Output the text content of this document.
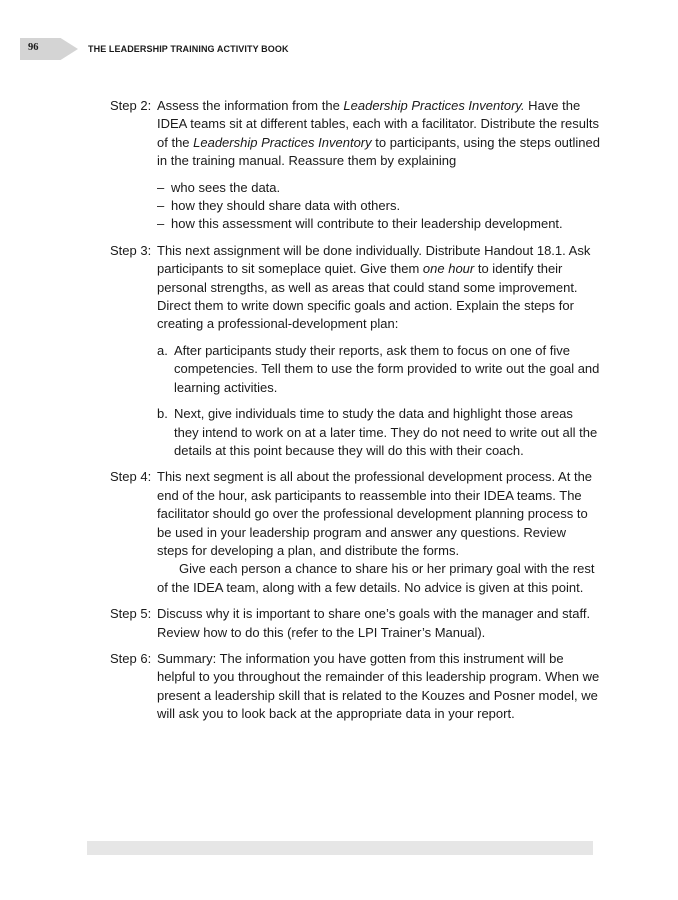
96	THE LEADERSHIP TRAINING ACTIVITY BOOK
Step 2: Assess the information from the Leadership Practices Inventory. Have the IDEA teams sit at different tables, each with a facilitator. Distribute the results of the Leadership Practices Inventory to participants, using the steps outlined in the training manual. Reassure them by explaining
– who sees the data.
– how they should share data with others.
– how this assessment will contribute to their leadership development.
Step 3: This next assignment will be done individually. Distribute Handout 18.1. Ask participants to sit someplace quiet. Give them one hour to identify their personal strengths, as well as areas that could stand some improvement. Direct them to write down specific goals and action. Explain the steps for creating a professional-development plan:
a. After participants study their reports, ask them to focus on one of five competencies. Tell them to use the form provided to write out the goal and learning activities.
b. Next, give individuals time to study the data and highlight those areas they intend to work on at a later time. They do not need to write out all the details at this point because they will do this with their coach.
Step 4: This next segment is all about the professional development process. At the end of the hour, ask participants to reassemble into their IDEA teams. The facilitator should go over the professional development planning process to be used in your leadership program and answer any questions. Review steps for developing a plan, and distribute the forms.
Give each person a chance to share his or her primary goal with the rest of the IDEA team, along with a few details. No advice is given at this point.
Step 5: Discuss why it is important to share one’s goals with the manager and staff. Review how to do this (refer to the LPI Trainer’s Manual).
Step 6: Summary: The information you have gotten from this instrument will be helpful to you throughout the remainder of this leadership program. When we present a leadership skill that is related to the Kouzes and Posner model, we will ask you to look back at the appropriate data in your report.
